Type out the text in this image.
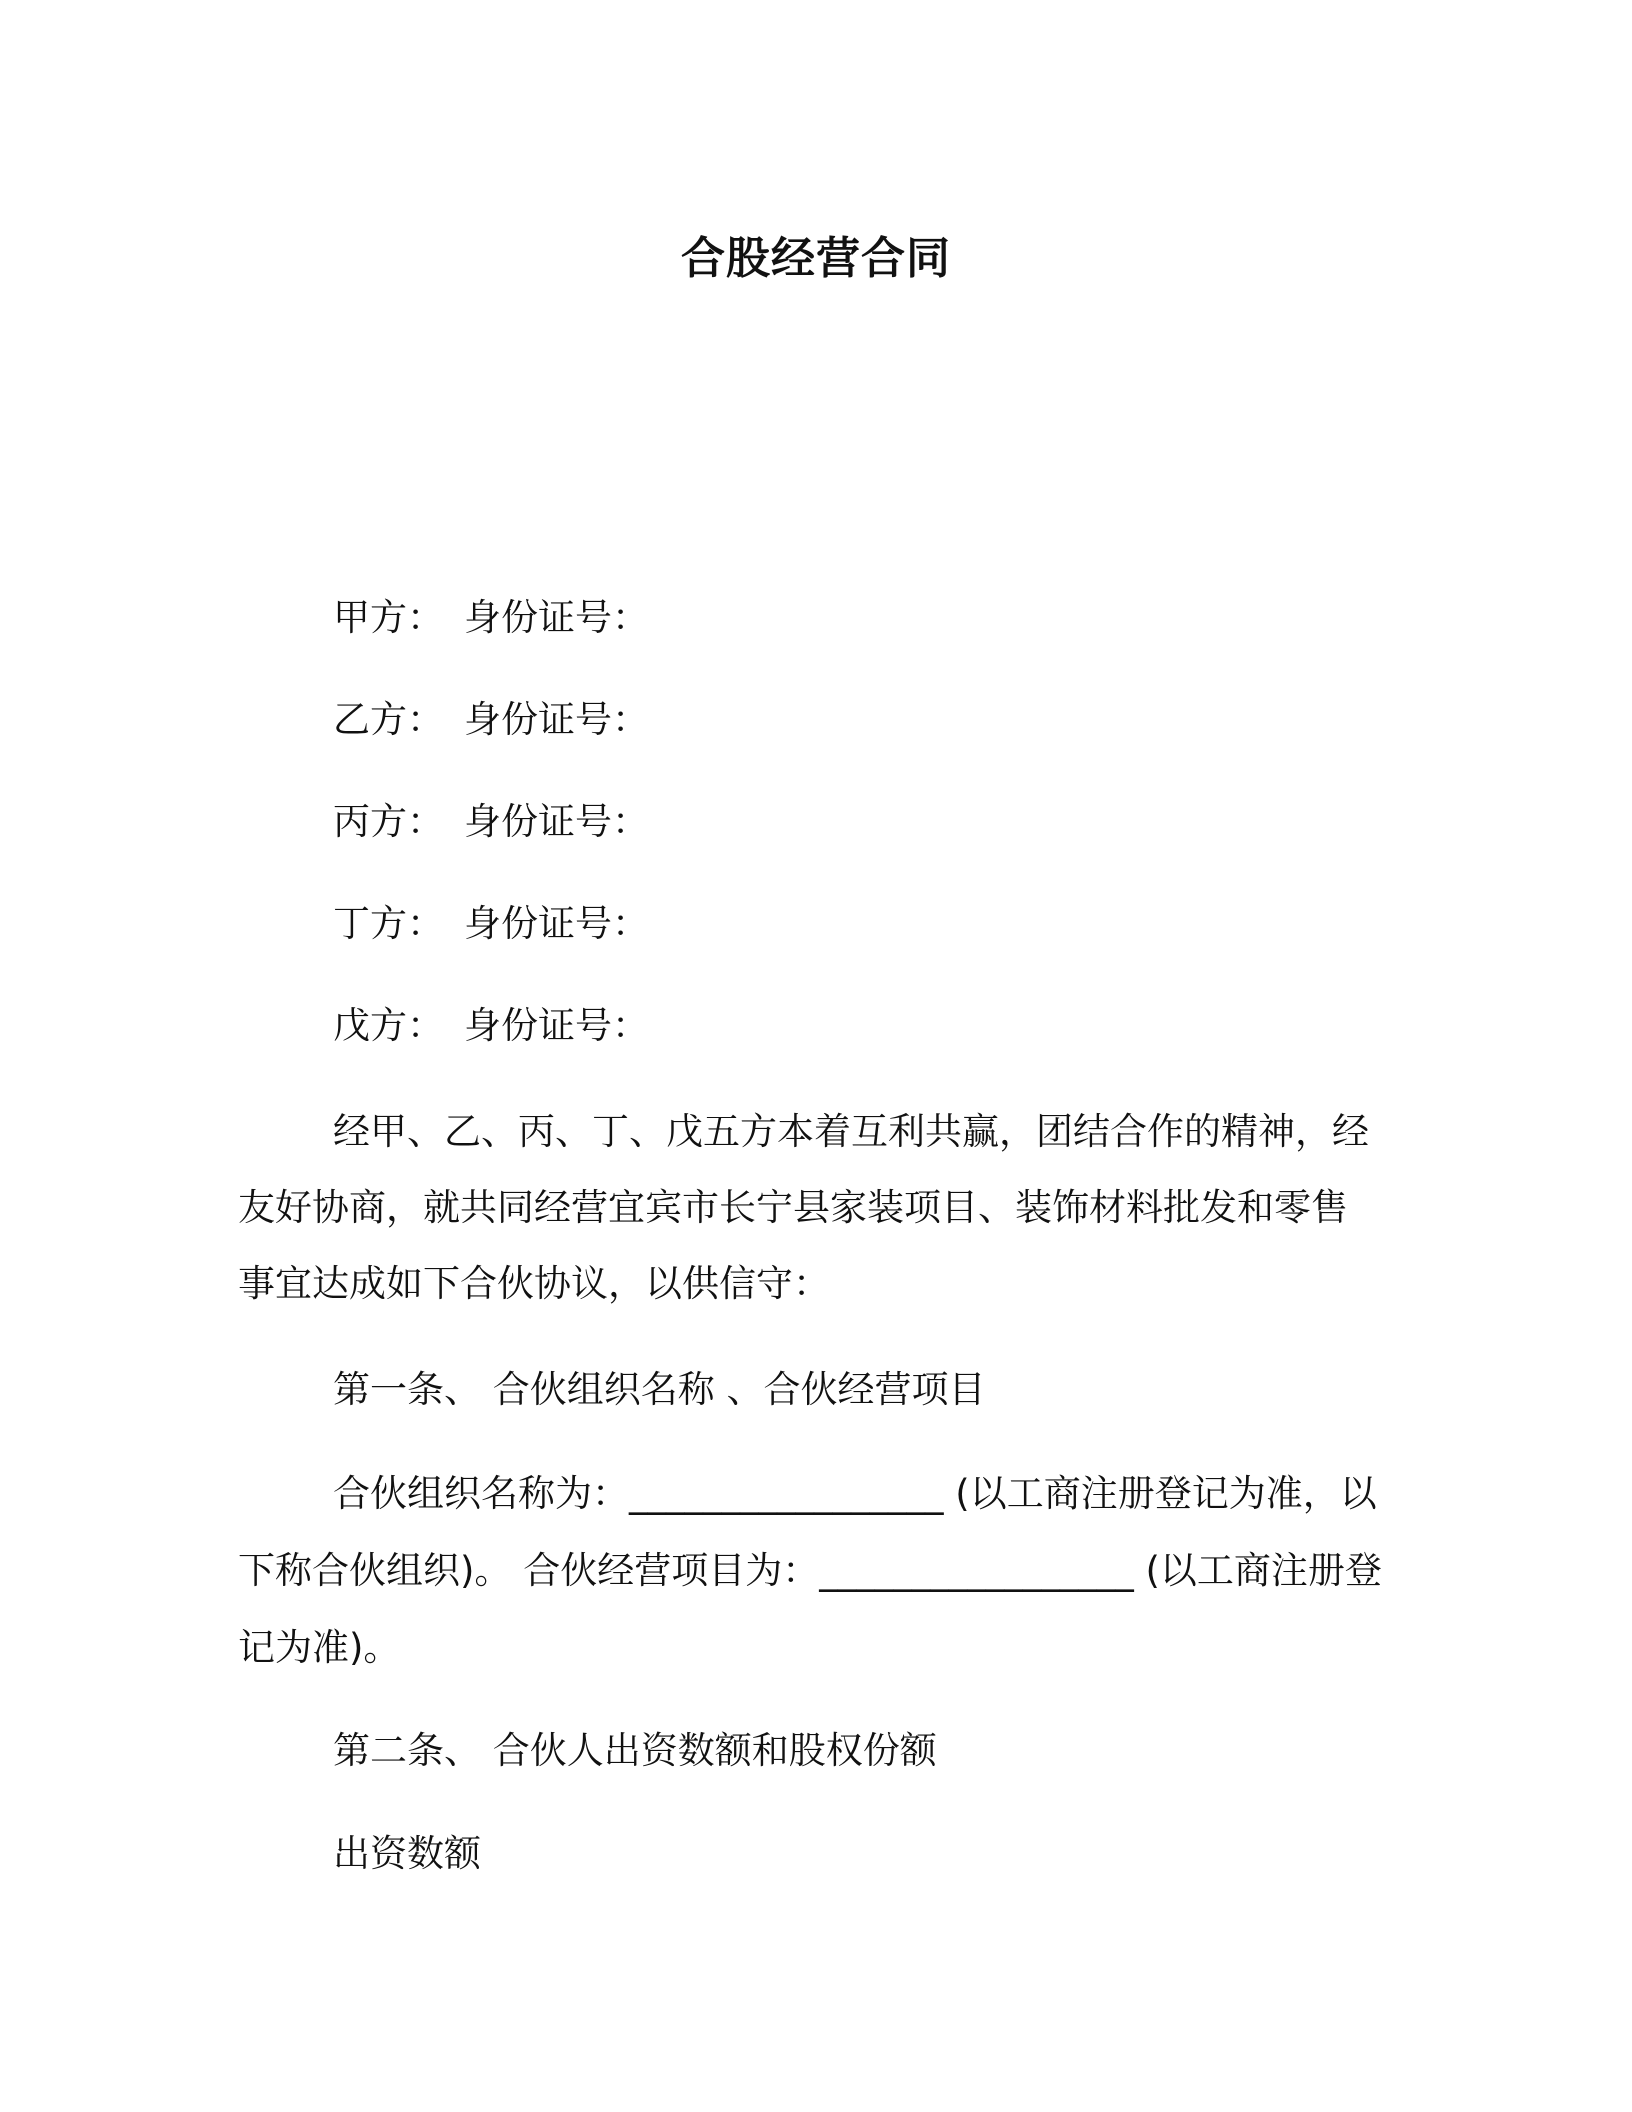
合股经营合同
甲方： 身份证号：
乙方： 身份证号：
丙方： 身份证号：
丁方： 身份证号：
戊方： 身份证号：
经甲、乙、丙、丁、戊五方本着互利共赢，团结合作的精神，经
友好协商，就共同经营宜宾市长宁县家装项目、装饰材料批发和零售
事宜达成如下合伙协议，以供信守：
第一条、 合伙组织名称 、合伙经营项目
合伙组织名称为：_________________ (以工商注册登记为准，以
下称合伙组织)。 合伙经营项目为：_________________ (以工商注册登
记为准)。
第二条、 合伙人出资数额和股权份额
出资数额
